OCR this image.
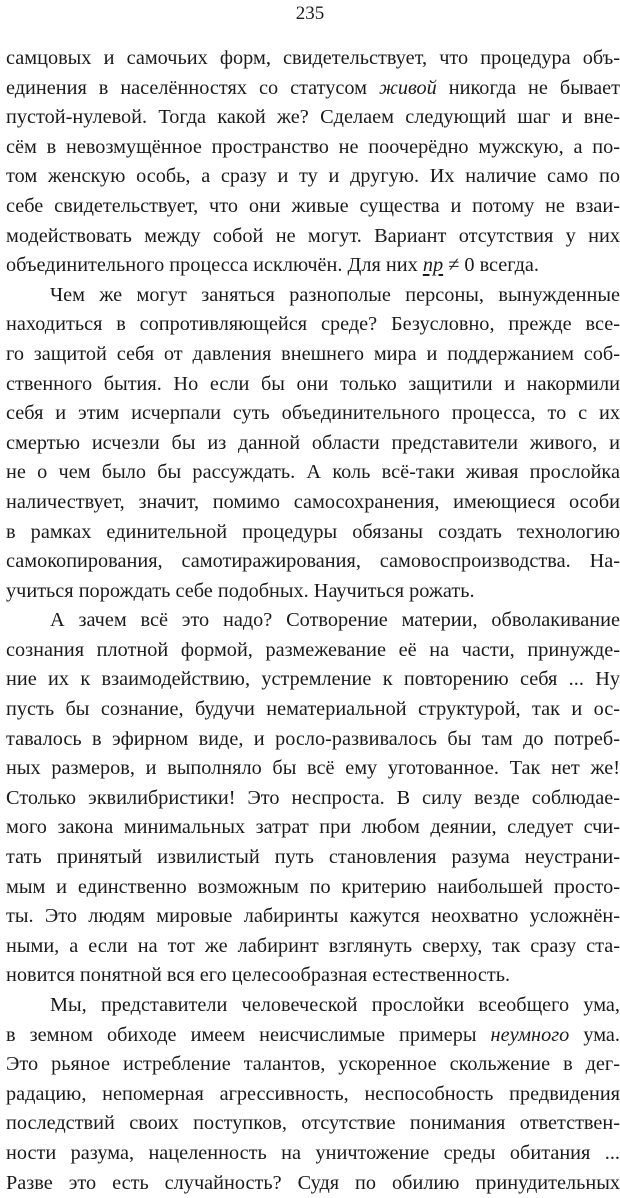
235
самцовых и самочьих форм, свидетельствует, что процедура объ-
единения в населённостях со статусом живой никогда не бывает
пустой-нулевой. Тогда какой же? Сделаем следующий шаг и вне-
сём в невозмущённое пространство не поочерёдно мужскую, а по-
том женскую особь, а сразу и ту и другую. Их наличие само по
себе свидетельствует, что они живые существа и потому не взаи-
модействовать между собой не могут. Вариант отсутствия у них
объединительного процесса исключён. Для них пр ≠ 0 всегда.
Чем же могут заняться разнополые персоны, вынужденные
находиться в сопротивляющейся среде? Безусловно, прежде все-
го защитой себя от давления внешнего мира и поддержанием соб-
ственного бытия. Но если бы они только защитили и накормили
себя и этим исчерпали суть объединительного процесса, то с их
смертью исчезли бы из данной области представители живого, и
не о чем было бы рассуждать. А коль всё-таки живая прослойка
наличествует, значит, помимо самосохранения, имеющиеся особи
в рамках единительной процедуры обязаны создать технологию
самокопирования, самотиражирования, самовоспроизводства. На-
учиться порождать себе подобных. Научиться рожать.
А зачем всё это надо? Сотворение материи, обволакивание
сознания плотной формой, размежевание её на части, принужде-
ние их к взаимодействию, устремление к повторению себя ... Ну
пусть бы сознание, будучи нематериальной структурой, так и ос-
тавалось в эфирном виде, и росло-развивалось бы там до потреб-
ных размеров, и выполняло бы всё ему уготованное. Так нет же!
Столько эквилибристики! Это неспроста. В силу везде соблюдае-
мого закона минимальных затрат при любом деянии, следует счи-
тать принятый извилистый путь становления разума неустрани-
мым и единственно возможным по критерию наибольшей просто-
ты. Это людям мировые лабиринты кажутся неохватно усложнён-
ными, а если на тот же лабиринт взглянуть сверху, так сразу ста-
новится понятной вся его целесообразная естественность.
Мы, представители человеческой прослойки всеобщего ума,
в земном обиходе имеем неисчислимые примеры неумного ума.
Это рьяное истребление талантов, ускоренное скольжение в дег-
радацию, непомерная агрессивность, неспособность предвидения
последствий своих поступков, отсутствие понимания ответствен-
ности разума, нацеленность на уничтожение среды обитания ...
Разве это есть случайность? Судя по обилию принудительных
